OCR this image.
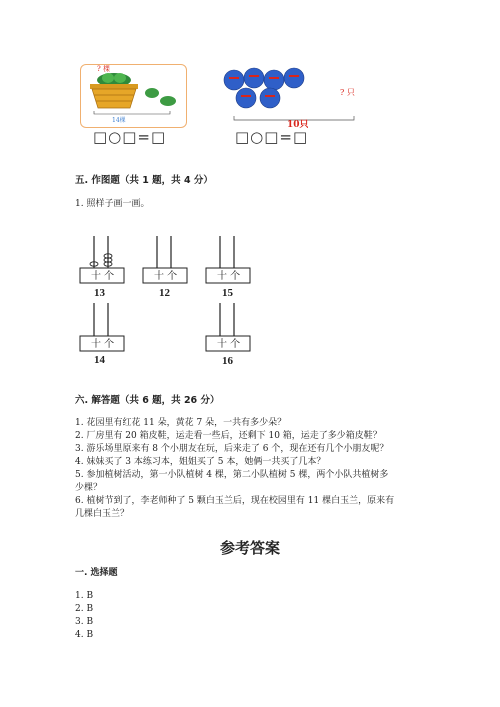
? 棵
14棵
□○□=□
? 只
10只
□○□=□
五. 作图题（共 1 题，共 4 分）
1. 照样子画一画。
十 个
13
十 个
12
十 个
15
十 个
14
十 个
16
六. 解答题（共 6 题，共 26 分）
1. 花园里有红花 11 朵，黄花 7 朵，一共有多少朵？
2. 厂房里有 20 箱皮鞋，运走看一些后，还剩下 10 箱，运走了多少箱皮鞋？
3. 游乐场里原来有 8 个小朋友在玩，后来走了 6 个，现在还有几个小朋友呢？
4. 妹妹买了 3 本练习本，姐姐买了 5 本，她俩一共买了几本？
5. 参加植树活动，第一小队植树 4 棵，第二小队植树 5 棵，两个小队共植树多
少棵？
6. 植树节到了，李老师种了 5 颗白玉兰后，现在校园里有 11 棵白玉兰，原来有
几棵白玉兰？
参考答案
一. 选择题
1. B
2. B
3. B
4. B
